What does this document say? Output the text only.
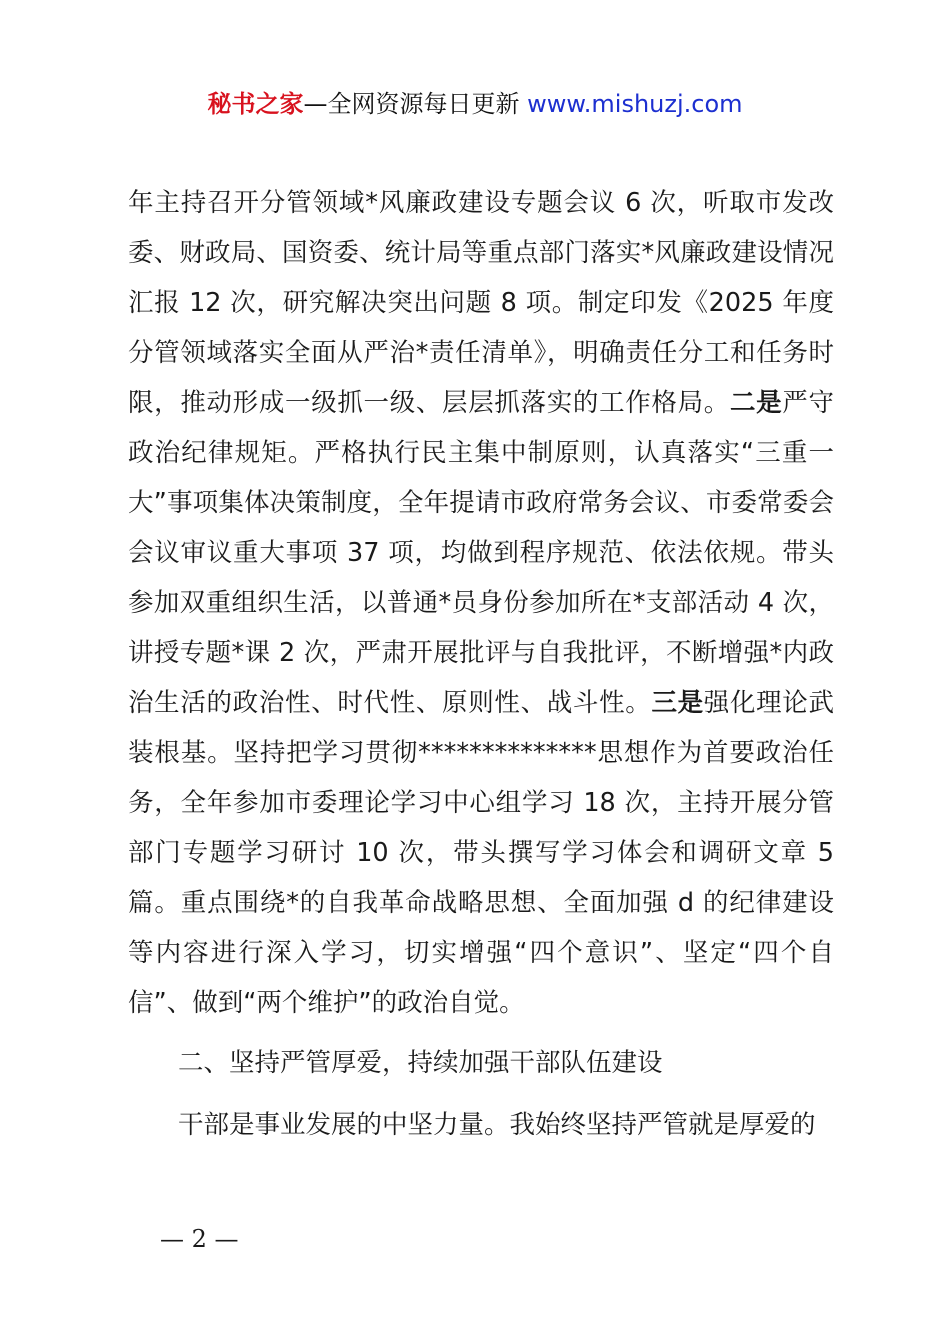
秘书之家—全网资源每日更新 www.mishuzj.com

年主持召开分管领域*风廉政建设专题会议 6 次，听取市发改委、财政局、国资委、统计局等重点部门落实*风廉政建设情况汇报 12 次，研究解决突出问题 8 项。制定印发《2025 年度分管领域落实全面从严治*责任清单》，明确责任分工和任务时限，推动形成一级抓一级、层层抓落实的工作格局。二是严守政治纪律规矩。严格执行民主集中制原则，认真落实“三重一大”事项集体决策制度，全年提请市政府常务会议、市委常委会会议审议重大事项 37 项，均做到程序规范、依法依规。带头参加双重组织生活，以普通*员身份参加所在*支部活动 4 次，讲授专题*课 2 次，严肃开展批评与自我批评，不断增强*内政治生活的政治性、时代性、原则性、战斗性。三是强化理论武装根基。坚持把学习贯彻**************思想作为首要政治任务，全年参加市委理论学习中心组学习 18 次，主持开展分管部门专题学习研讨 10 次，带头撰写学习体会和调研文章 5 篇。重点围绕*的自我革命战略思想、全面加强 d 的纪律建设等内容进行深入学习，切实增强“四个意识”、坚定“四个自信”、做到“两个维护”的政治自觉。

二、坚持严管厚爱，持续加强干部队伍建设

干部是事业发展的中坚力量。我始终坚持严管就是厚爱的

— 2 —
